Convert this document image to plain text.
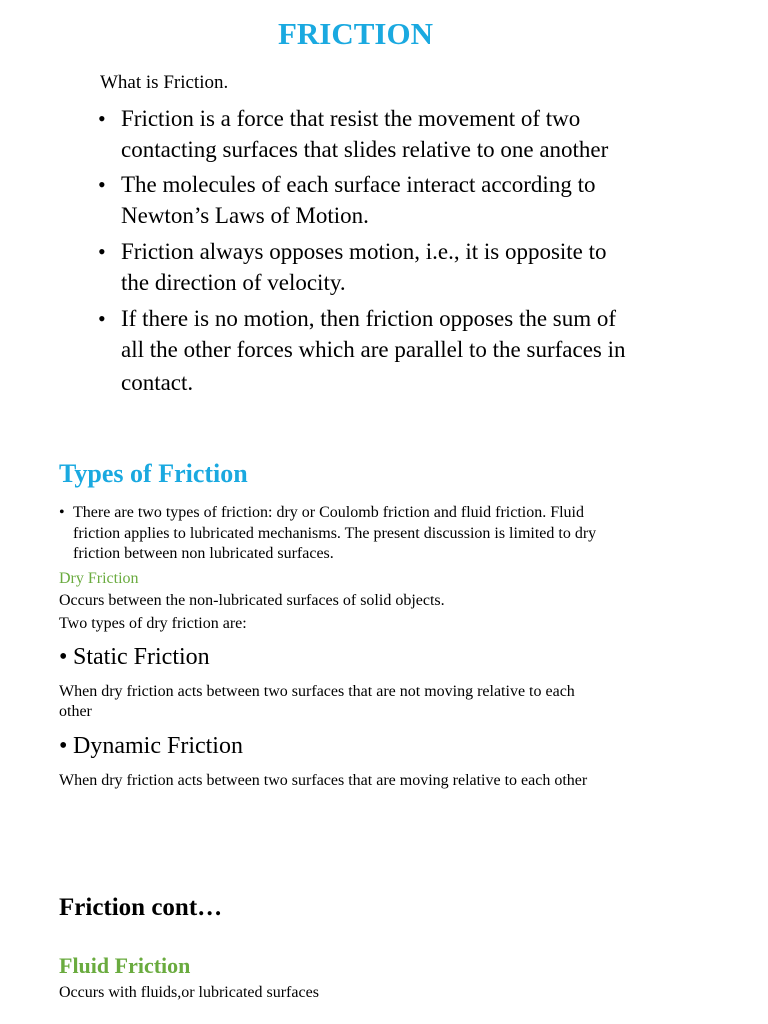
FRICTION

What is Friction.

• Friction is a force that resist the movement of two
contacting surfaces that slides relative to one another
• The molecules of each surface interact according to
Newton’s Laws of Motion.
• Friction always opposes motion, i.e., it is opposite to
the direction of velocity.
• If there is no motion, then friction opposes the sum of
all the other forces which are parallel to the surfaces in
contact.
Types of Friction
• There are two types of friction: dry or Coulomb friction and fluid friction. Fluid
friction applies to lubricated mechanisms. The present discussion is limited to dry
friction between non lubricated surfaces.

Dry Friction

Occurs between the non-lubricated surfaces of solid objects.

Two types of dry friction are:

• Static Friction

When dry friction acts between two surfaces that are not moving relative to each

other

• Dynamic Friction

When dry friction acts between two surfaces that are moving relative to each other

Friction cont…
Fluid Friction

Occurs with fluids,or lubricated surfaces
